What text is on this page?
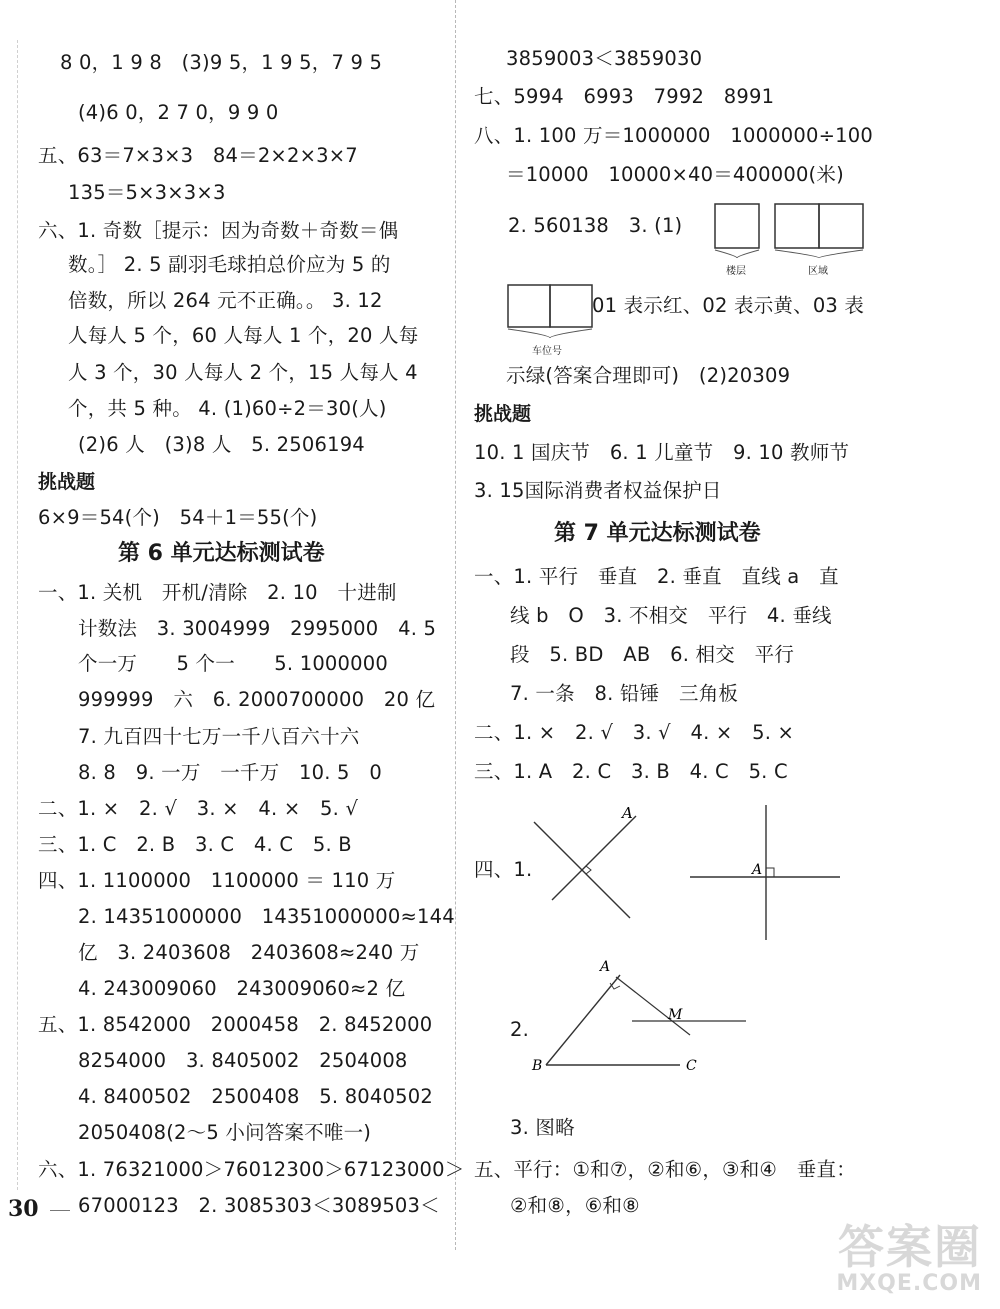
8 0，1 9 8　(3)9 5，1 9 5，7 9 5
(4)6 0，2 7 0，9 9 0
五、63＝7×3×3　84＝2×2×3×7
135＝5×3×3×3
六、1. 奇数［提示：因为奇数＋奇数＝偶
数。］ 2. 5 副羽毛球拍总价应为 5 的
倍数，所以 264 元不正确。。 3. 12
人每人 5 个，60 人每人 1 个，20 人每
人 3 个，30 人每人 2 个，15 人每人 4
个，共 5 种。 4. (1)60÷2＝30(人)
(2)6 人　(3)8 人　5. 2506194
挑战题
6×9＝54(个)　54＋1＝55(个)
第 6 单元达标测试卷
一、1. 关机　开机/清除　2. 10　十进制
计数法　3. 3004999　2995000　4. 5
个一万　　5 个一　　5. 1000000
999999　六　6. 2000700000　20 亿
7. 九百四十七万一千八百六十六
8. 8　9. 一万　一千万　10. 5　0
二、1. ×　2. √　3. ×　4. ×　5. √
三、1. C　2. B　3. C　4. C　5. B
四、1. 1100000　1100000 ＝ 110 万
2. 14351000000　14351000000≈144
亿　3. 2403608　2403608≈240 万
4. 243009060　243009060≈2 亿
五、1. 8542000　2000458　2. 8452000
8254000　3. 8405002　2504008
4. 8400502　2500408　5. 8040502
2050408(2～5 小问答案不唯一)
六、1. 76321000＞76012300＞67123000＞
67000123　2. 3085303＜3089503＜
3859003＜3859030
七、5994　6993　7992　8991
八、1. 100 万＝1000000　1000000÷100
＝10000　10000×40＝400000(米)
2. 560138　3. (1)
楼层	区域
车位号
01 表示红、02 表示黄、03 表
示绿(答案合理即可)　(2)20309
挑战题
10. 1 国庆节　6. 1 儿童节　9. 10 教师节
3. 15国际消费者权益保护日
第 7 单元达标测试卷
一、1. 平行　垂直　2. 垂直　直线 a　直
线 b　O　3. 不相交　平行　4. 垂线
段　5. BD　AB　6. 相交　平行
7. 一条　8. 铅锤　三角板
二、1. ×　2. √　3. √　4. ×　5. ×
三、1. A　2. C　3. B　4. C　5. C
四、1.
A
A
2.
A
M
B	C
3. 图略
五、平行：①和⑦，②和⑥，③和④　垂直：
②和⑧，⑥和⑧
30
答案圈
MXQE.COM
